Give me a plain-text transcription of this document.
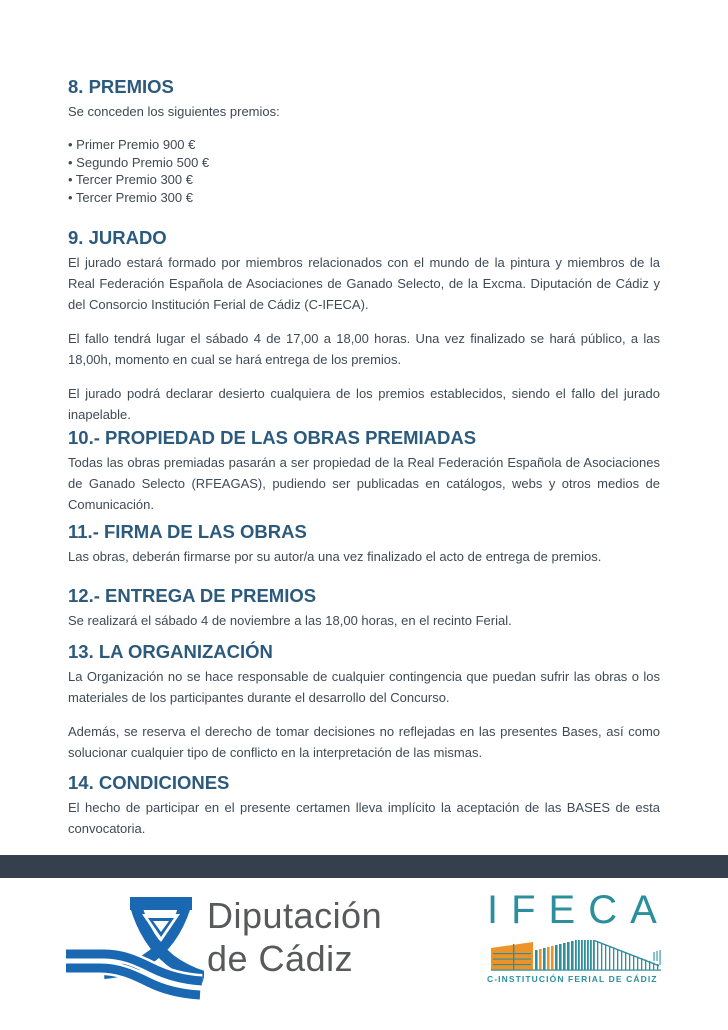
8. PREMIOS

Se conceden los siguientes premios:

• Primer Premio 900 €
• Segundo Premio 500 €
• Tercer Premio 300 €
• Tercer Premio 300 €
9. JURADO

El jurado estará formado por miembros relacionados con el mundo de la pintura y miembros de la Real Federación Española de Asociaciones de Ganado Selecto, de la Excma. Diputación de Cádiz y del Consorcio Institución Ferial de Cádiz (C-IFECA).

El fallo tendrá lugar el sábado 4 de 17,00 a 18,00 horas. Una vez finalizado se hará público, a las 18,00h, momento en cual se hará entrega de los premios.

El jurado podrá declarar desierto cualquiera de los premios establecidos, siendo el fallo del jurado inapelable.

10.- PROPIEDAD DE LAS OBRAS PREMIADAS

Todas las obras premiadas pasarán a ser propiedad de la Real Federación Española de Asociaciones de Ganado Selecto (RFEAGAS), pudiendo ser publicadas en catálogos, webs y otros medios de Comunicación.

11.- FIRMA DE LAS OBRAS

Las obras, deberán firmarse por su autor/a una vez finalizado el acto de entrega de premios.

12.- ENTREGA DE PREMIOS

Se realizará el sábado 4 de noviembre a las 18,00 horas, en el recinto Ferial.

13. LA ORGANIZACIÓN

La Organización no se hace responsable de cualquier contingencia que puedan sufrir las obras o los materiales de los participantes durante el desarrollo del Concurso.

Además, se reserva el derecho de tomar decisiones no reflejadas en las presentes Bases, así como solucionar cualquier tipo de conflicto en la interpretación de las mismas.

14. CONDICIONES

El hecho de participar en el presente certamen lleva implícito la aceptación de las BASES de esta convocatoria.

Diputación
de Cádiz
IFECA
C-INSTITUCIÓN FERIAL DE CÁDIZ
